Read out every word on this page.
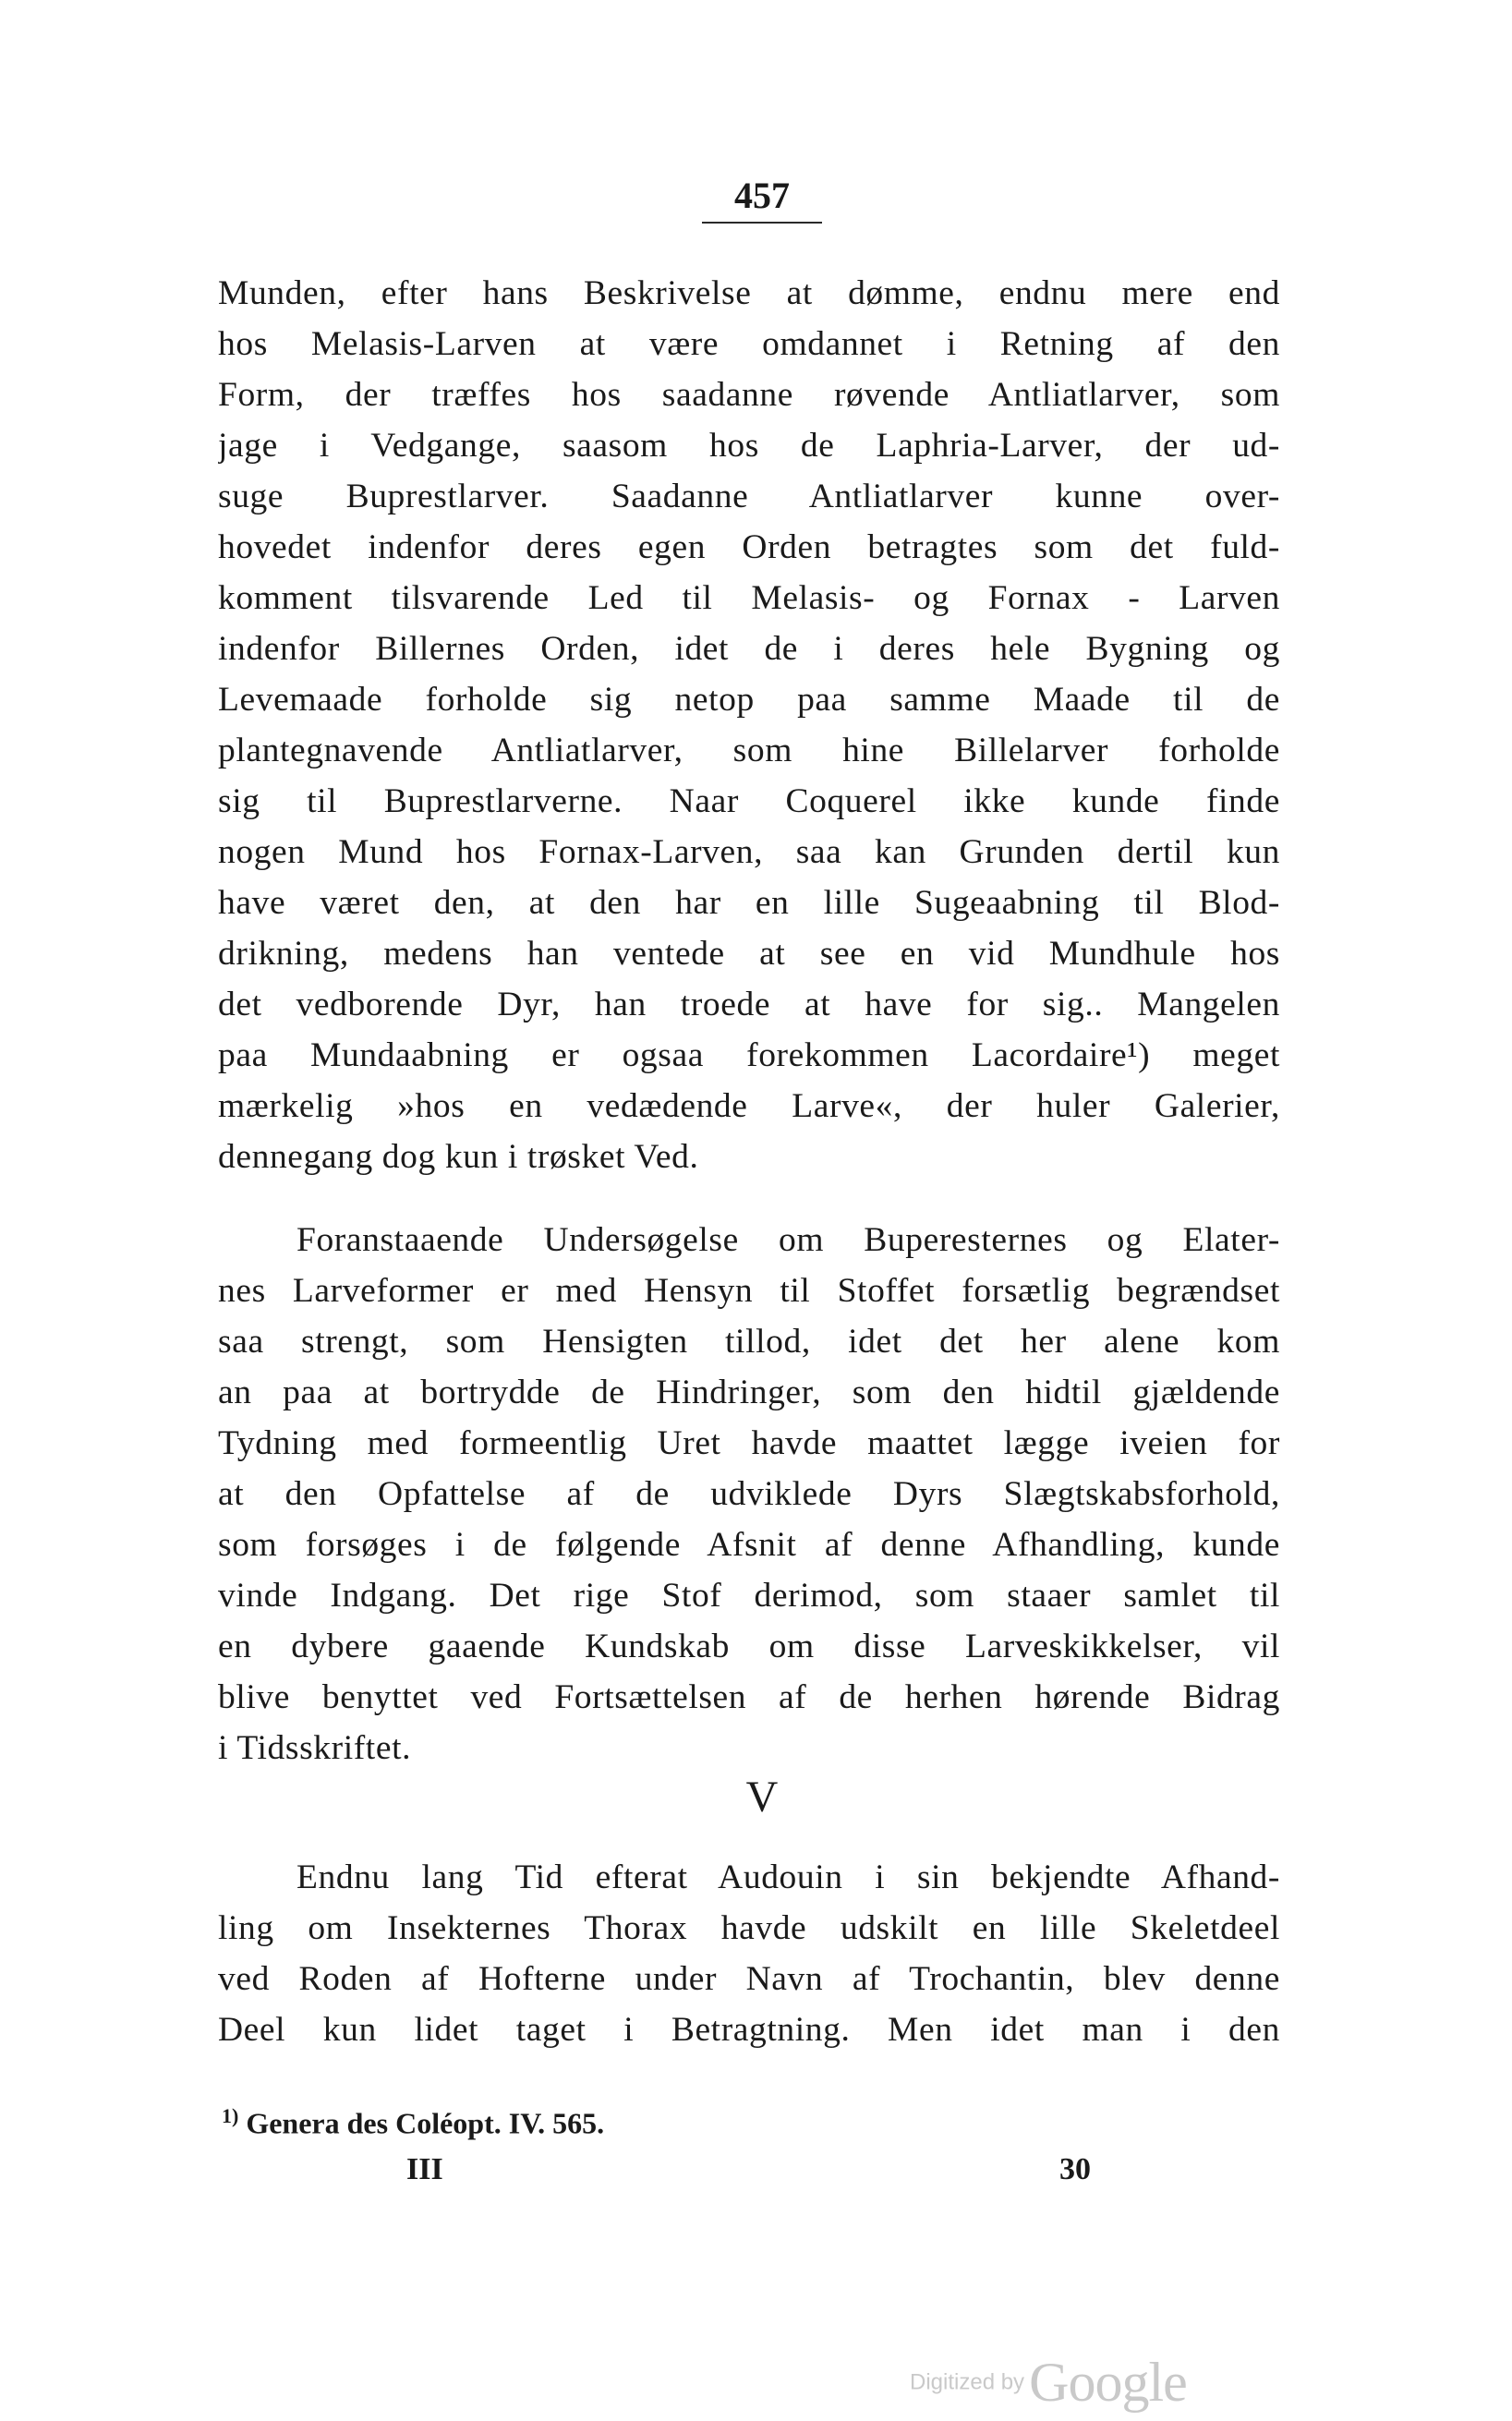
457
Munden, efter hans Beskrivelse at dømme, endnu mere end
hos Melasis-Larven at være omdannet i Retning af den
Form, der træffes hos saadanne røvende Antliatlarver, som
jage i Vedgange, saasom hos de Laphria-Larver, der ud-
suge Buprestlarver. Saadanne Antliatlarver kunne over-
hovedet indenfor deres egen Orden betragtes som det fuld-
komment tilsvarende Led til Melasis- og Fornax - Larven
indenfor Billernes Orden, idet de i deres hele Bygning og
Levemaade forholde sig netop paa samme Maade til de
plantegnavende Antliatlarver, som hine Billelarver forholde
sig til Buprestlarverne. Naar Coquerel ikke kunde finde
nogen Mund hos Fornax-Larven, saa kan Grunden dertil kun
have været den, at den har en lille Sugeaabning til Blod-
drikning, medens han ventede at see en vid Mundhule hos
det vedborende Dyr, han troede at have for sig.. Mangelen
paa Mundaabning er ogsaa forekommen Lacordaire¹) meget
mærkelig »hos en vedædende Larve«, der huler Galerier,
dennegang dog kun i trøsket Ved.
Foranstaaende Undersøgelse om Buperesternes og Elater-
nes Larveformer er med Hensyn til Stoffet forsætlig begrændset
saa strengt, som Hensigten tillod, idet det her alene kom
an paa at bortrydde de Hindringer, som den hidtil gjældende
Tydning med formeentlig Uret havde maattet lægge iveien for
at den Opfattelse af de udviklede Dyrs Slægtskabsforhold,
som forsøges i de følgende Afsnit af denne Afhandling, kunde
vinde Indgang. Det rige Stof derimod, som staaer samlet til
en dybere gaaende Kundskab om disse Larveskikkelser, vil
blive benyttet ved Fortsættelsen af de herhen hørende Bidrag
i Tidsskriftet.
V
Endnu lang Tid efterat Audouin i sin bekjendte Afhand-
ling om Insekternes Thorax havde udskilt en lille Skeletdeel
ved Roden af Hofterne under Navn af Trochantin, blev denne
Deel kun lidet taget i Betragtning. Men idet man i den
$^{1)}$ Genera des Coléopt. IV. 565.
III	30
Digitized by Google
